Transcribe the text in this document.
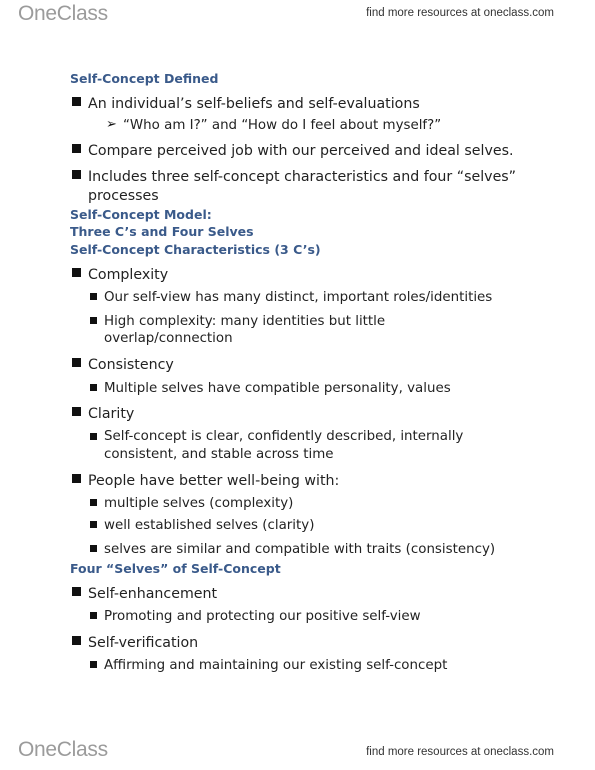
OneClass	find more resources at oneclass.com
Self-Concept Defined
An individual’s self-beliefs and self-evaluations
➢ “Who am I?” and “How do I feel about myself?”
Compare perceived job with our perceived and ideal selves.
Includes three self-concept characteristics and four “selves”
processes
Self-Concept Model:
Three C’s and Four Selves
Self-Concept Characteristics (3 C’s)
Complexity
Our self-view has many distinct, important roles/identities
High complexity: many identities but little
overlap/connection
Consistency
Multiple selves have compatible personality, values
Clarity
Self-concept is clear, confidently described, internally
consistent, and stable across time
People have better well-being with:
multiple selves (complexity)
well established selves (clarity)
selves are similar and compatible with traits (consistency)
Four “Selves” of Self-Concept
Self-enhancement
Promoting and protecting our positive self-view
Self-verification
Affirming and maintaining our existing self-concept
OneClass	find more resources at oneclass.com
